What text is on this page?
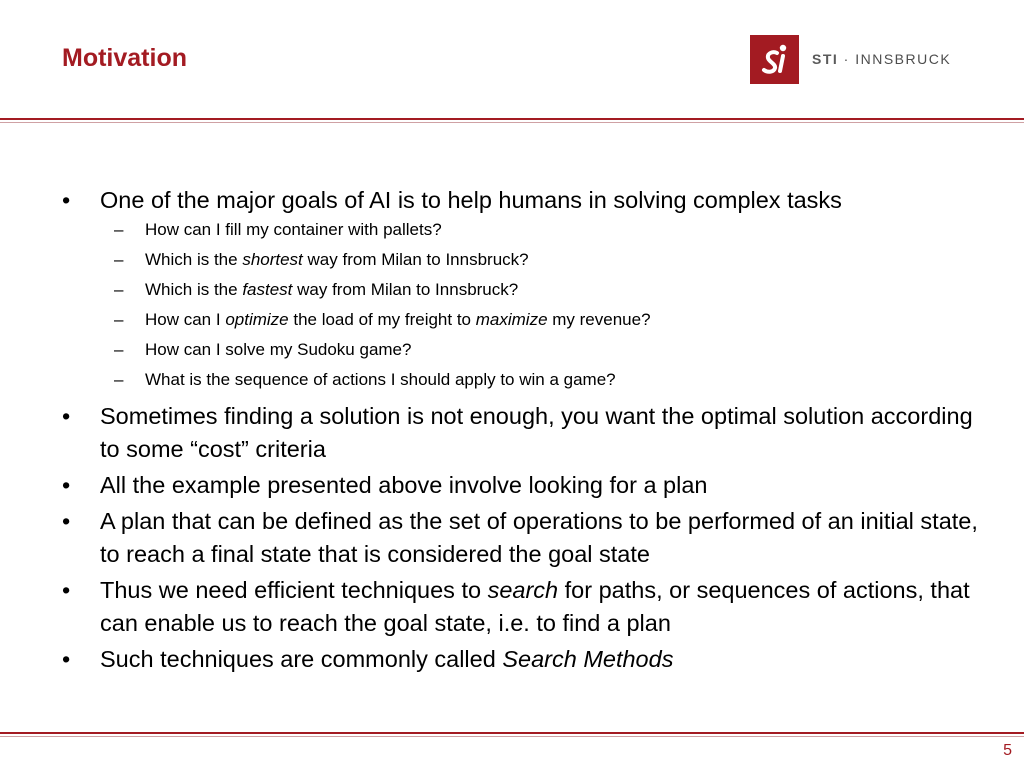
Motivation	STI · INNSBRUCK

• One of the major goals of AI is to help humans in solving complex tasks

– How can I fill my container with pallets?

– Which is the shortest way from Milan to Innsbruck?

– Which is the fastest way from Milan to Innsbruck?

– How can I optimize the load of my freight to maximize my revenue?

– How can I solve my Sudoku game?

– What is the sequence of actions I should apply to win a game?

• Sometimes finding a solution is not enough, you want the optimal solution according to some “cost” criteria

• All the example presented above involve looking for a plan

• A plan that can be defined as the set of operations to be performed of an initial state, to reach a final state that is considered the goal state

• Thus we need efficient techniques to search for paths, or sequences of actions, that can enable us to reach the goal state, i.e. to find a plan

• Such techniques are commonly called Search Methods

5
